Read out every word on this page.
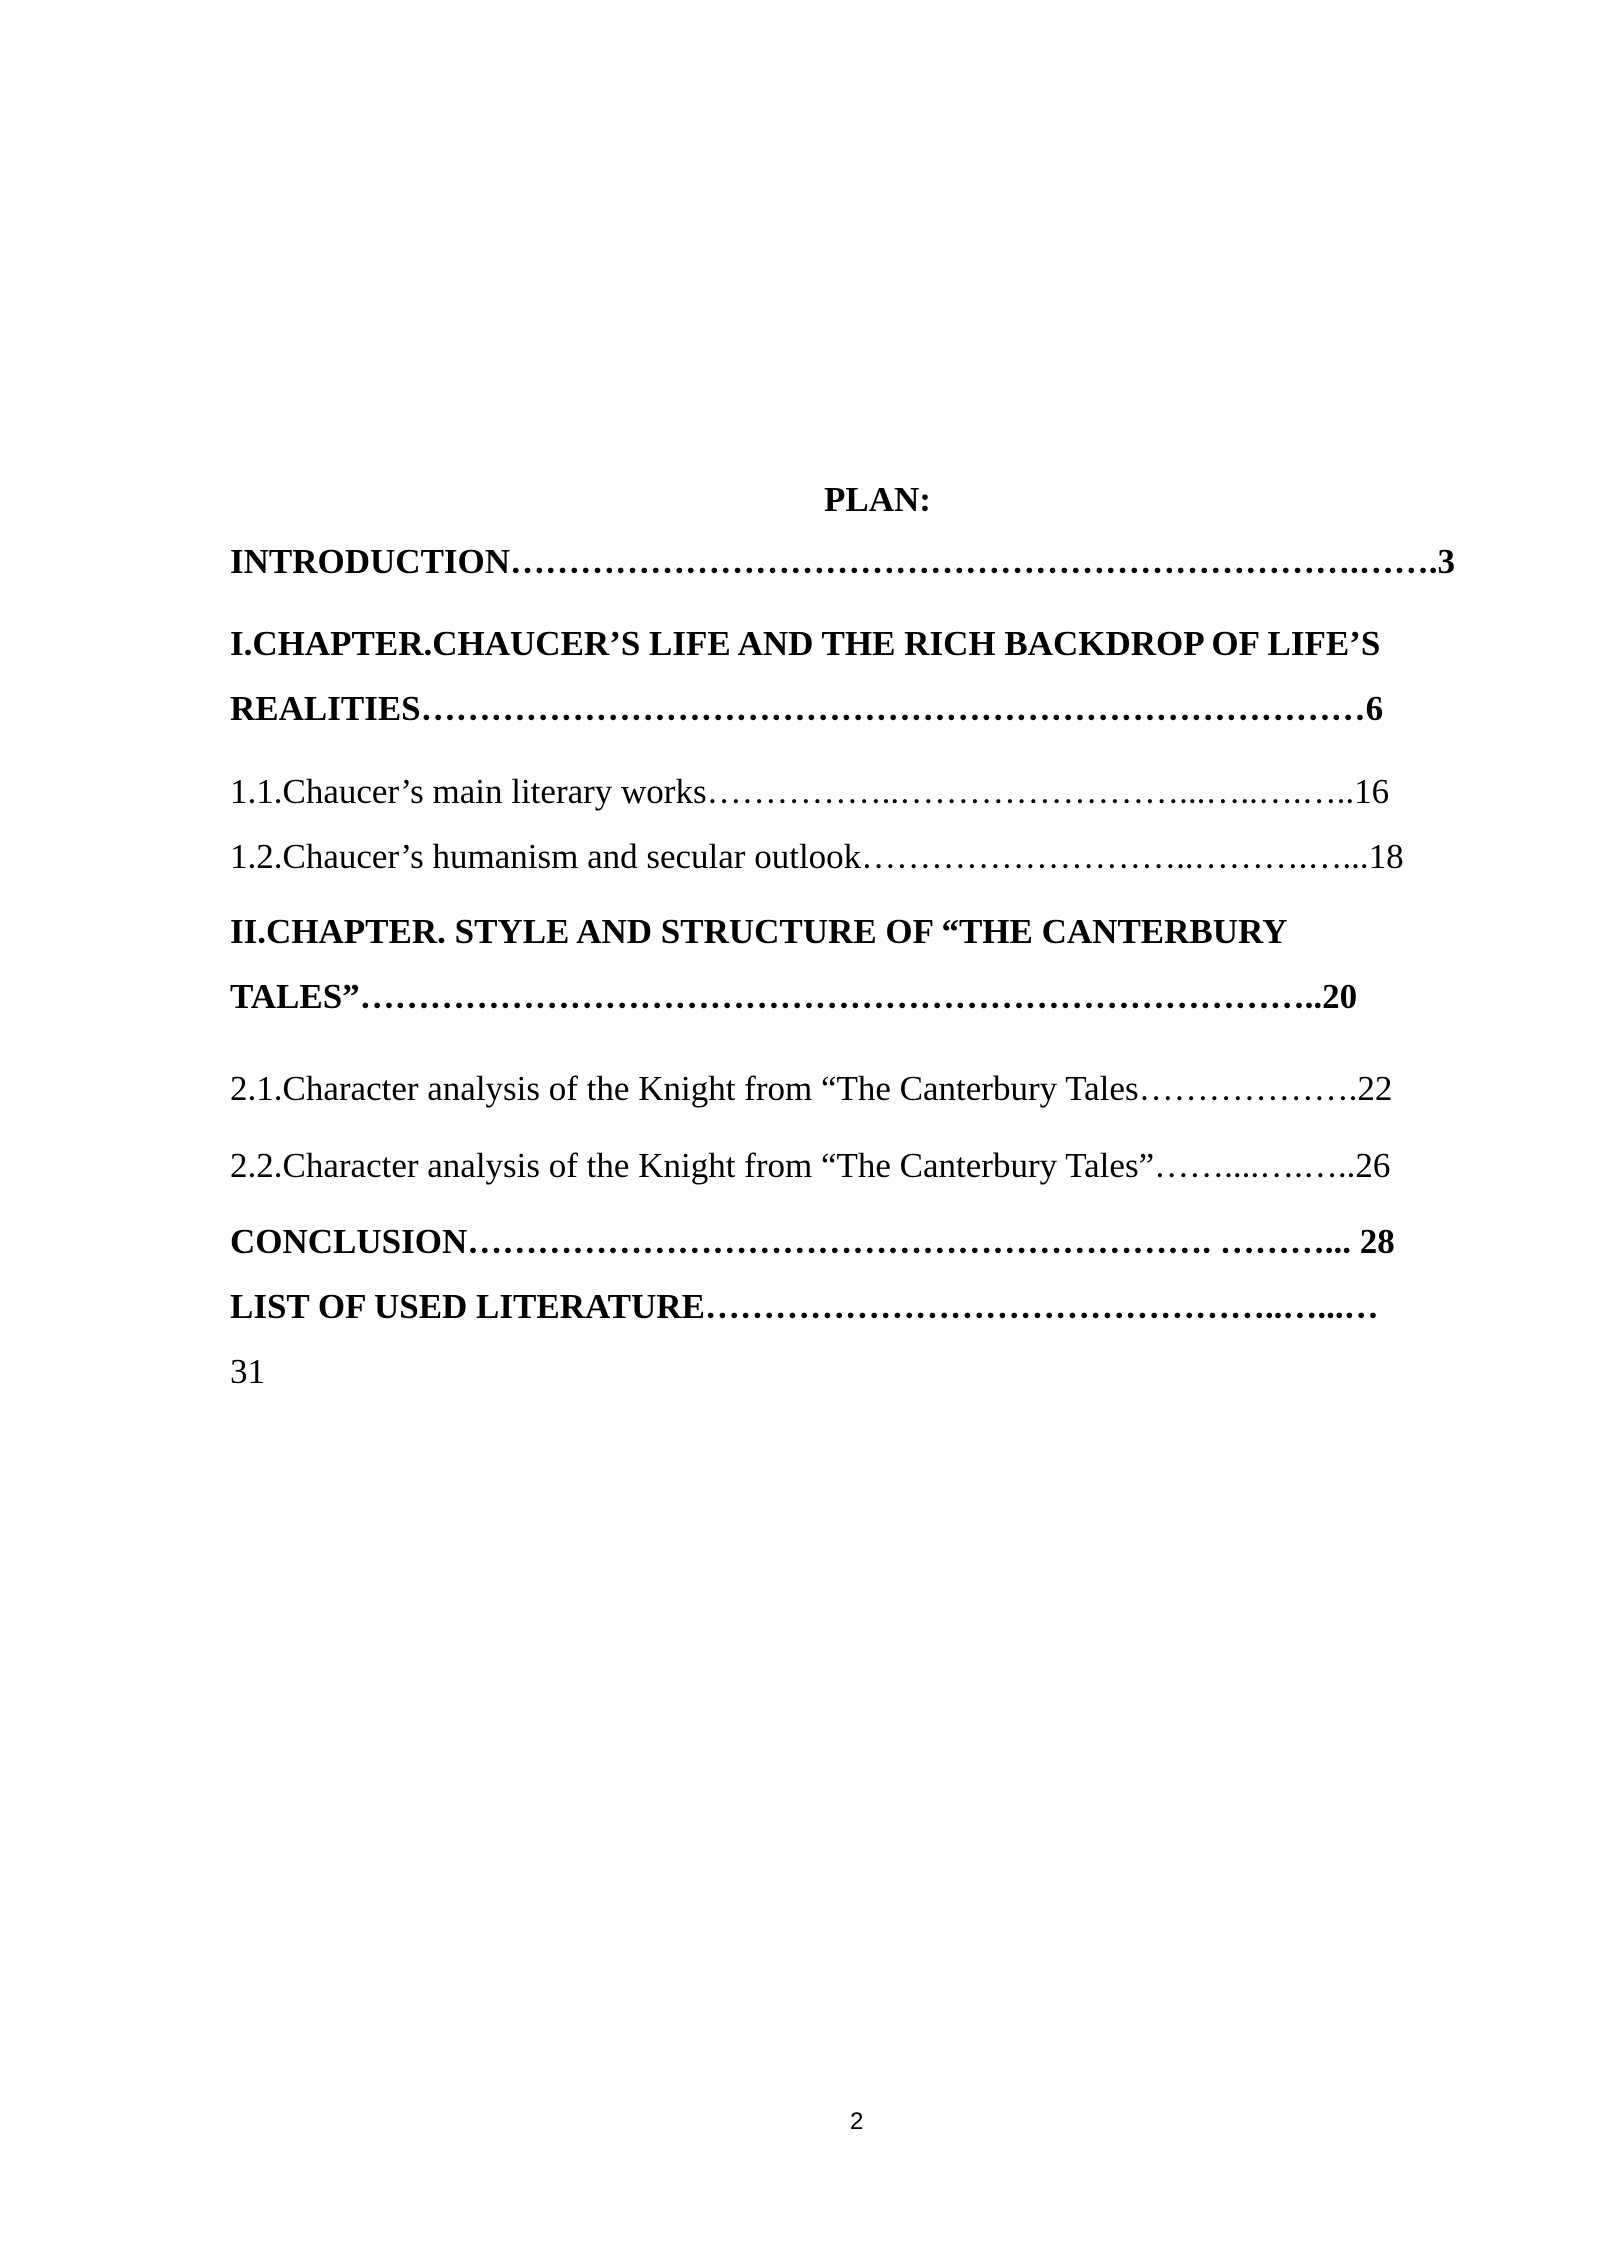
PLAN:
INTRODUCTION……………………………………………………………….…….3
I.CHAPTER.CHAUCER’S LIFE AND THE RICH BACKDROP OF LIFE’S
REALITIES………………………………………………………………………6
1.1.Chaucer’s main literary works……………..……………………...…..….…..16
1.2.Chaucer’s humanism and secular outlook………………………..……….…...18
II.CHAPTER. STYLE AND STRUCTURE OF “THE CANTERBURY
TALES”………………………………………………………………………..20
2.1.Character analysis of the Knight from “The Canterbury Tales……………….22
2.2.Character analysis of the Knight from “The Canterbury Tales”……....….…..26
CONCLUSION………………………………………………………. ………... 28
LIST OF USED LITERATURE…………………………………………..…...…
31
2
